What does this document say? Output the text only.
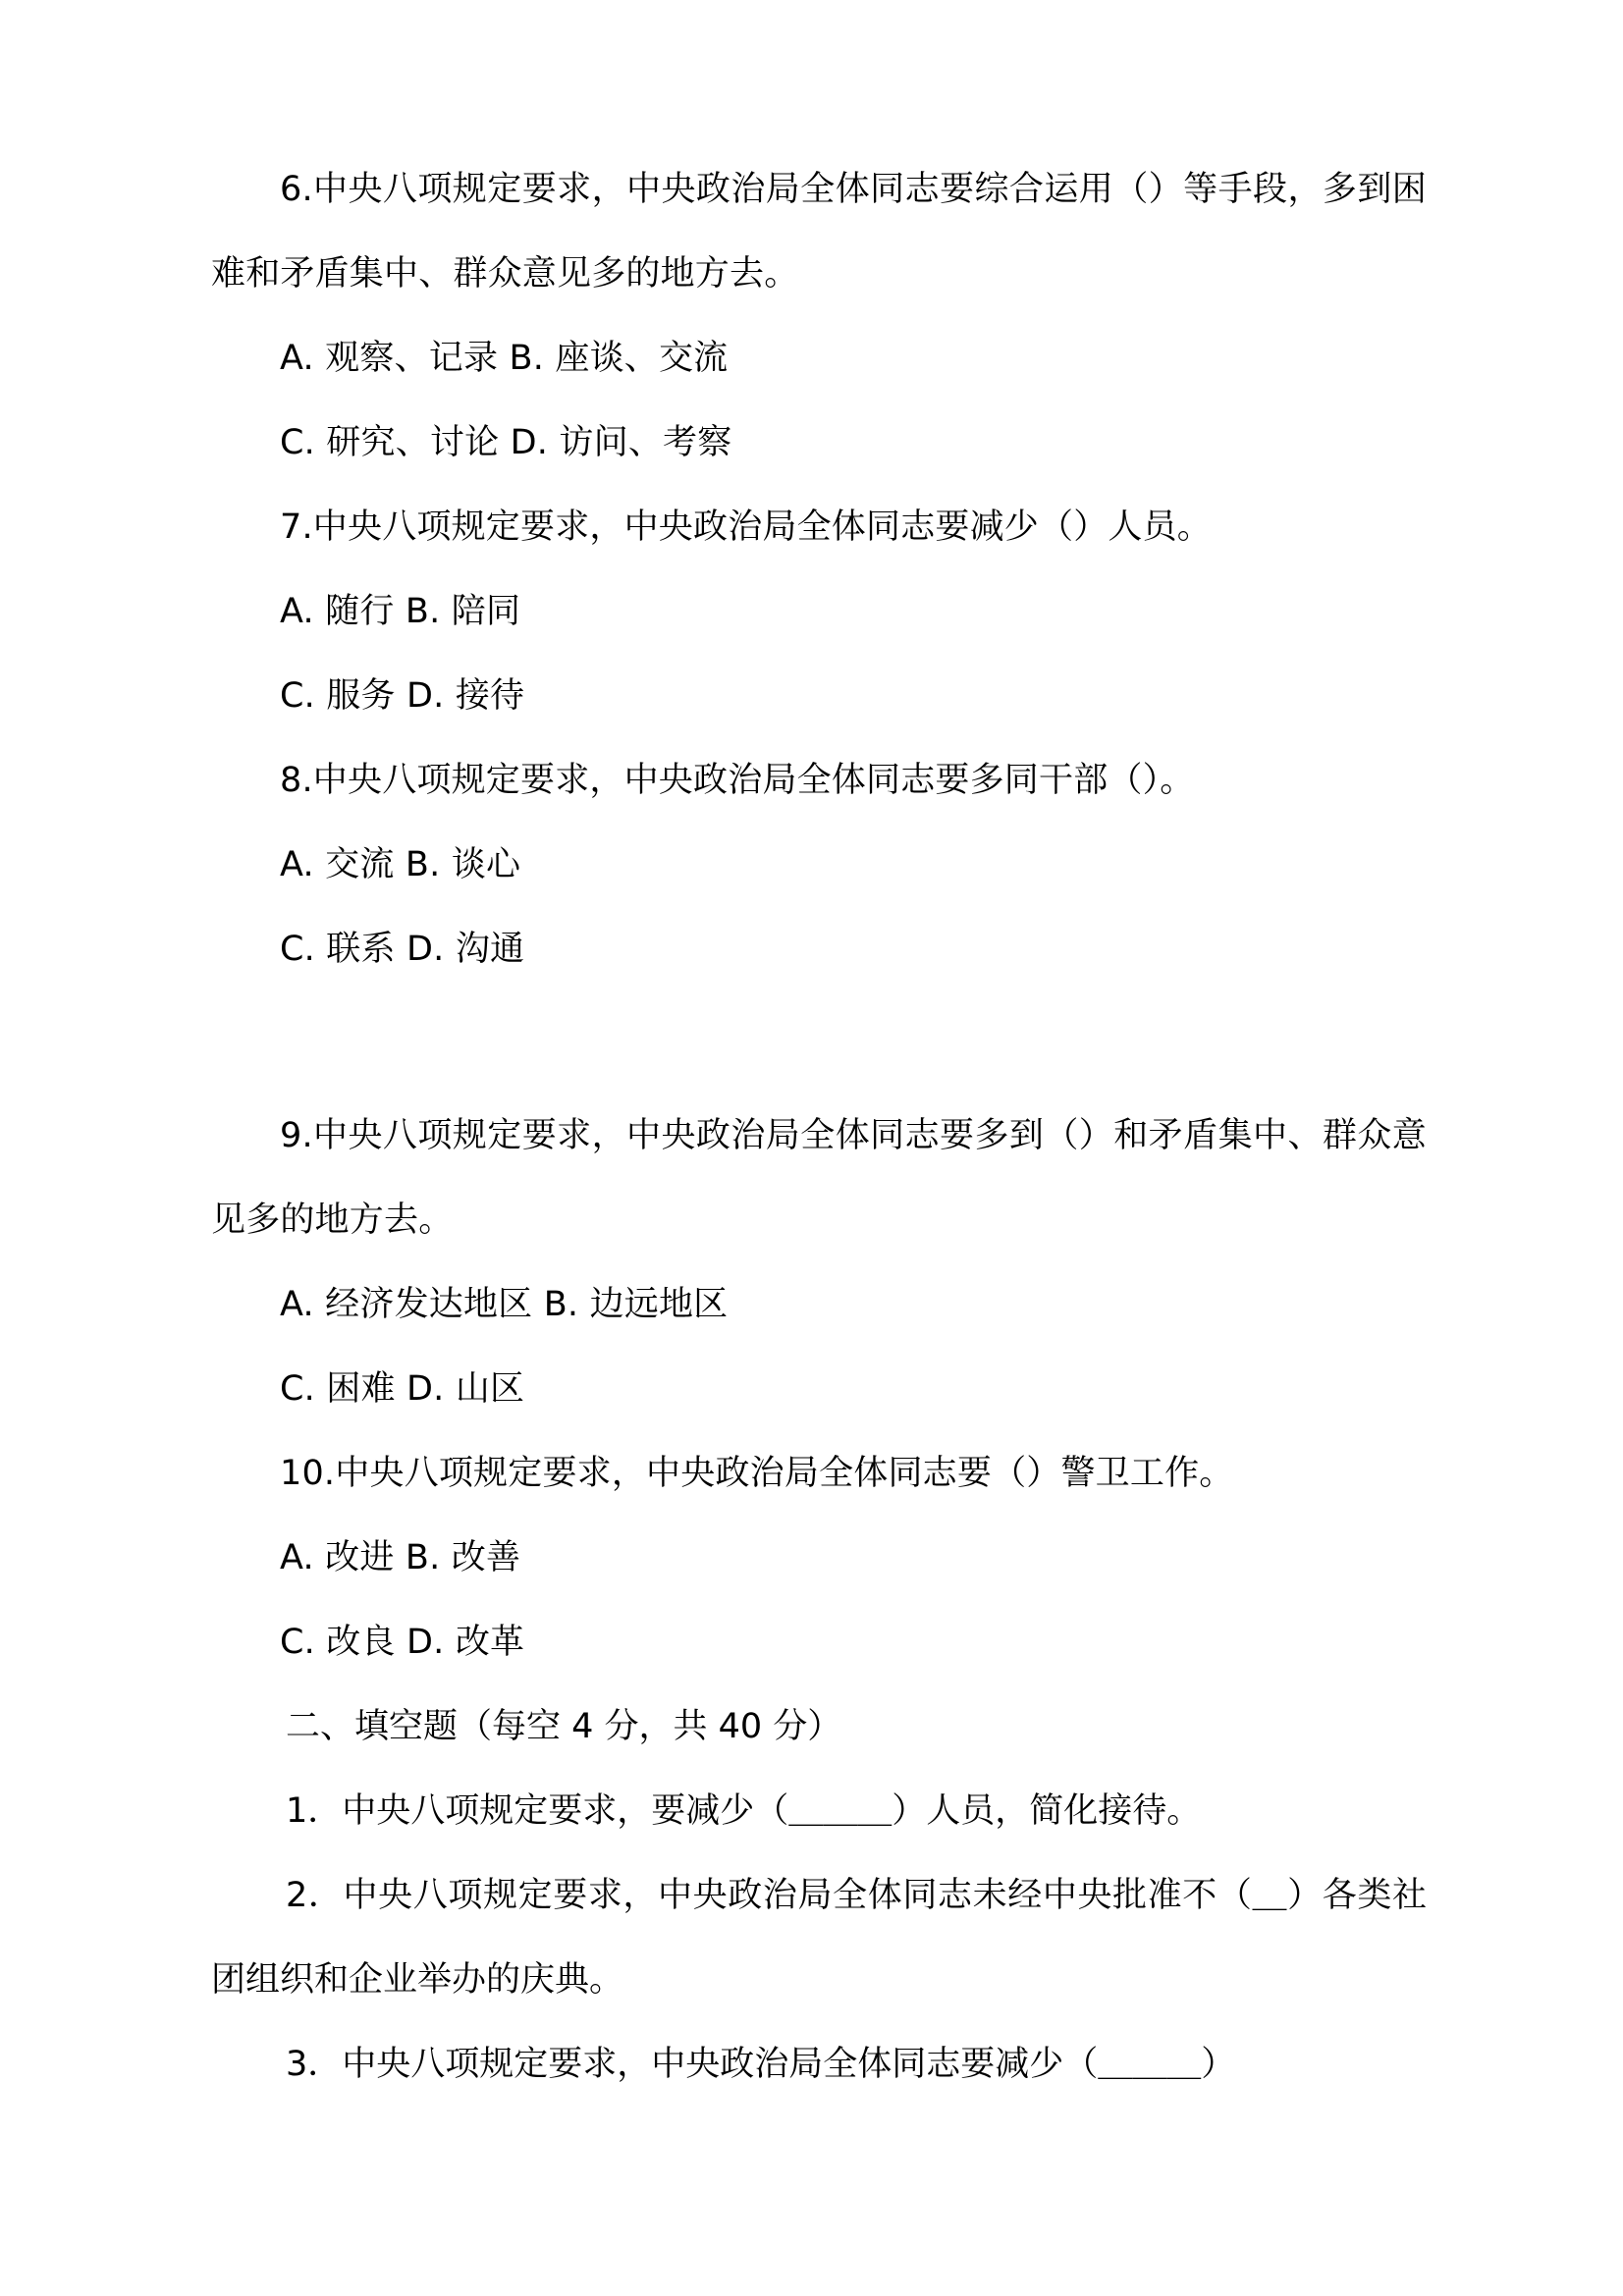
6.中央八项规定要求，中央政治局全体同志要综合运用（）等手段，多到困难和矛盾集中、群众意见多的地方去。

A. 观察、记录 B. 座谈、交流

C. 研究、讨论 D. 访问、考察

7.中央八项规定要求，中央政治局全体同志要减少（）人员。

A. 随行 B. 陪同

C. 服务 D. 接待

8.中央八项规定要求，中央政治局全体同志要多同干部（）。

A. 交流 B. 谈心

C. 联系 D. 沟通

9.中央八项规定要求，中央政治局全体同志要多到（）和矛盾集中、群众意见多的地方去。

A. 经济发达地区 B. 边远地区

C. 困难 D. 山区

10.中央八项规定要求，中央政治局全体同志要（）警卫工作。

A. 改进 B. 改善

C. 改良 D. 改革

二、填空题（每空 4 分，共 40 分）

1．中央八项规定要求，要减少（＿＿＿）人员，简化接待。

2．中央八项规定要求，中央政治局全体同志未经中央批准不（＿）各类社团组织和企业举办的庆典。

3．中央八项规定要求，中央政治局全体同志要减少（＿＿＿）
